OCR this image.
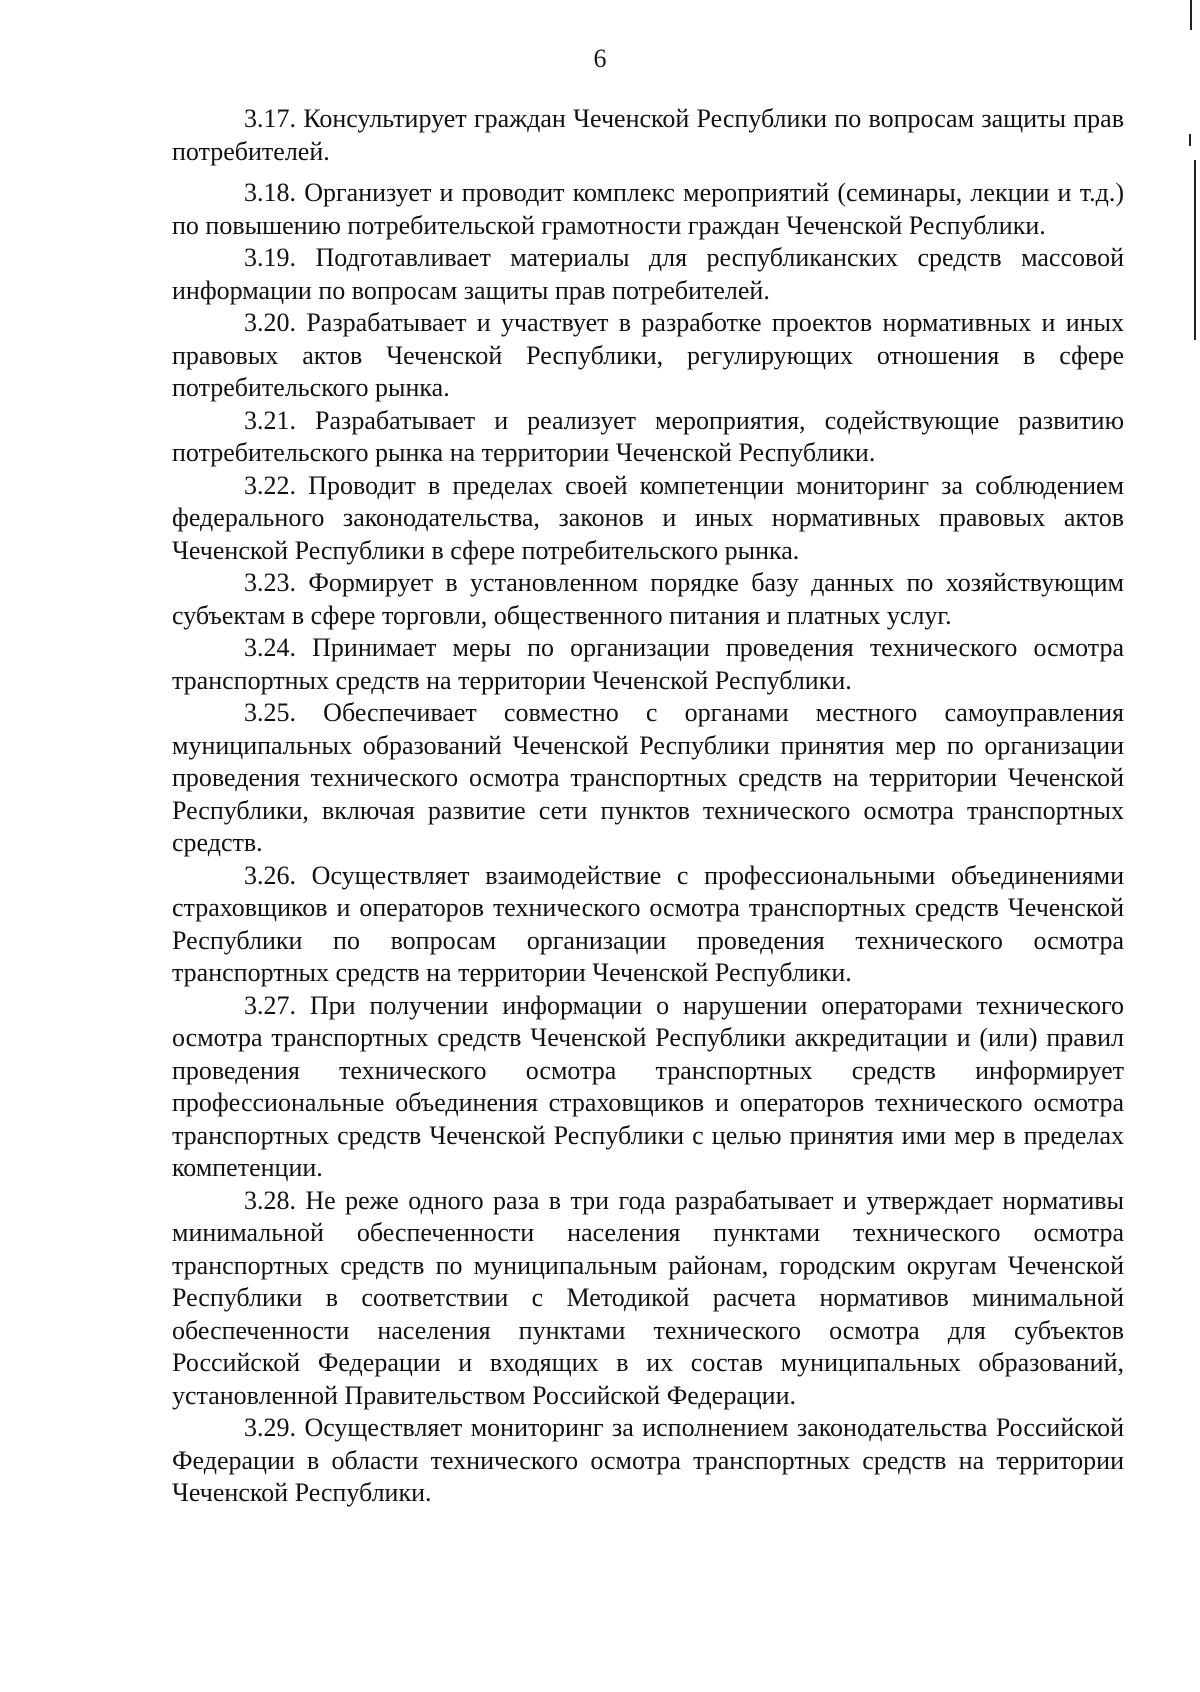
6

3.17. Консультирует граждан Чеченской Республики по вопросам защиты прав потребителей.

3.18. Организует и проводит комплекс мероприятий (семинары, лекции и т.д.) по повышению потребительской грамотности граждан Чеченской Республики.

3.19. Подготавливает материалы для республиканских средств массовой информации по вопросам защиты прав потребителей.

3.20. Разрабатывает и участвует в разработке проектов нормативных и иных правовых актов Чеченской Республики, регулирующих отношения в сфере потребительского рынка.

3.21. Разрабатывает и реализует мероприятия, содействующие развитию потребительского рынка на территории Чеченской Республики.

3.22. Проводит в пределах своей компетенции мониторинг за соблюдением федерального законодательства, законов и иных нормативных правовых актов Чеченской Республики в сфере потребительского рынка.

3.23. Формирует в установленном порядке базу данных по хозяйствующим субъектам в сфере торговли, общественного питания и платных услуг.

3.24. Принимает меры по организации проведения технического осмотра транспортных средств на территории Чеченской Республики.

3.25. Обеспечивает совместно с органами местного самоуправления муниципальных образований Чеченской Республики принятия мер по организации проведения технического осмотра транспортных средств на территории Чеченской Республики, включая развитие сети пунктов технического осмотра транспортных средств.

3.26. Осуществляет взаимодействие с профессиональными объединениями страховщиков и операторов технического осмотра транспортных средств Чеченской Республики по вопросам организации проведения технического осмотра транспортных средств на территории Чеченской Республики.

3.27. При получении информации о нарушении операторами технического осмотра транспортных средств Чеченской Республики аккредитации и (или) правил проведения технического осмотра транспортных средств информирует профессиональные объединения страховщиков и операторов технического осмотра транспортных средств Чеченской Республики с целью принятия ими мер в пределах компетенции.

3.28. Не реже одного раза в три года разрабатывает и утверждает нормативы минимальной обеспеченности населения пунктами технического осмотра транспортных средств по муниципальным районам, городским округам Чеченской Республики в соответствии с Методикой расчета нормативов минимальной обеспеченности населения пунктами технического осмотра для субъектов Российской Федерации и входящих в их состав муниципальных образований, установленной Правительством Российской Федерации.

3.29. Осуществляет мониторинг за исполнением законодательства Российской Федерации в области технического осмотра транспортных средств на территории Чеченской Республики.
